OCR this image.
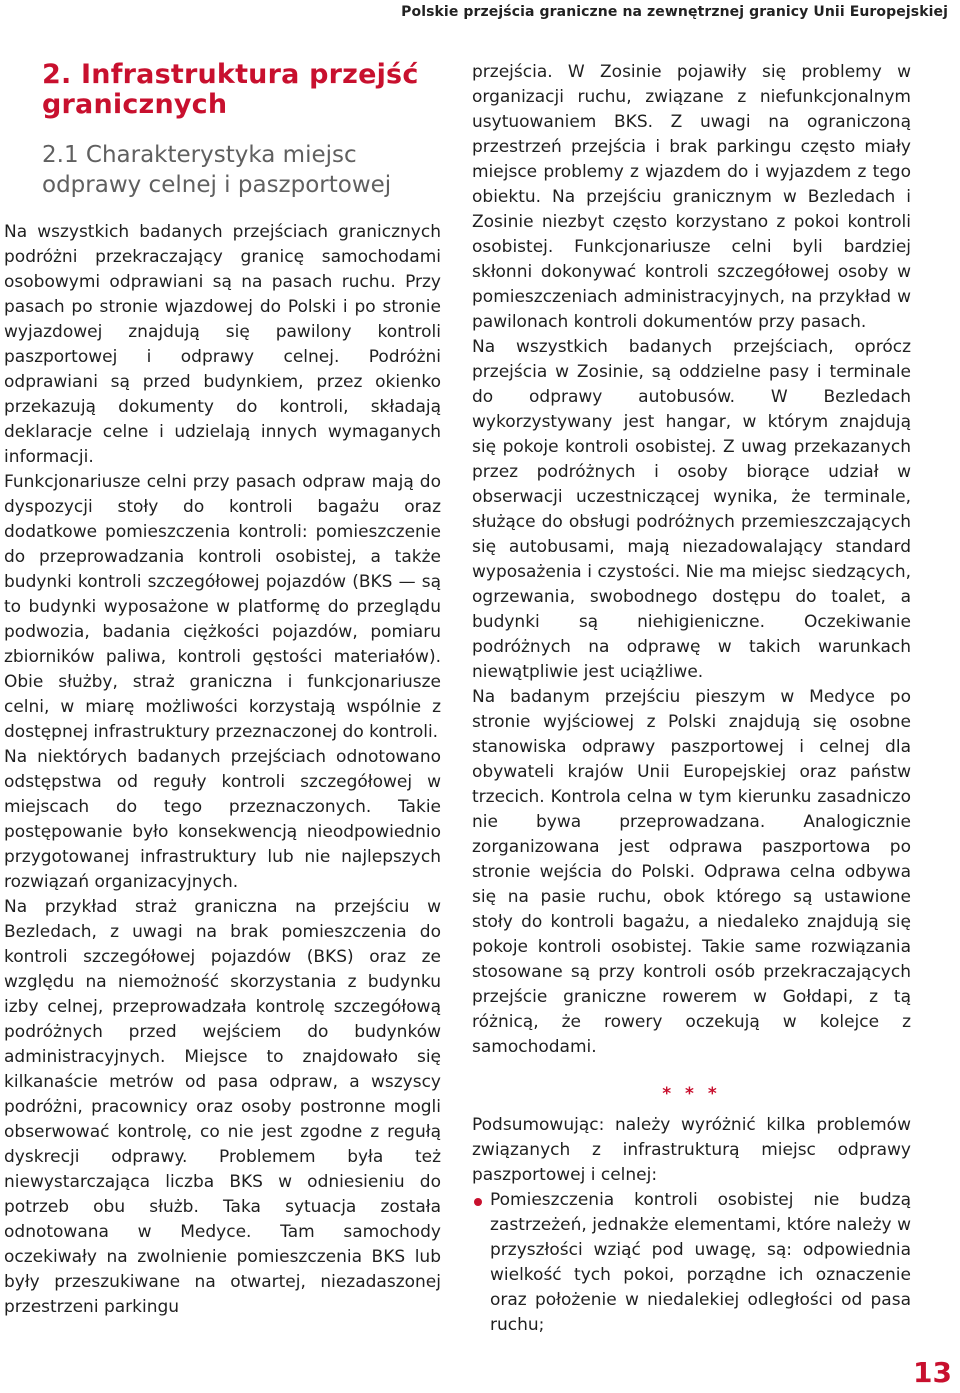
Polskie przejścia graniczne na zewnętrznej granicy Unii Europejskiej
2. Infrastruktura przejść granicznych
2.1 Charakterystyka miejsc odprawy celnej i paszportowej

Na wszystkich badanych przejściach granicznych podróżni przekraczający granicę samochodami osobowymi odprawiani są na pasach ruchu. Przy pasach po stronie wjazdowej do Polski i po stronie wyjazdowej znajdują się pawilony kontroli paszportowej i odprawy celnej. Podróżni odprawiani są przed budynkiem, przez okienko przekazują dokumenty do kontroli, składają deklaracje celne i udzielają innych wymaganych informacji.

Funkcjonariusze celni przy pasach odpraw mają do dyspozycji stoły do kontroli bagażu oraz dodatkowe pomieszczenia kontroli: pomieszczenie do przeprowadzania kontroli osobistej, a także budynki kontroli szczegółowej pojazdów (BKS — są to budynki wyposażone w platformę do przeglądu podwozia, badania ciężkości pojazdów, pomiaru zbiorników paliwa, kontroli gęstości materiałów). Obie służby, straż graniczna i funkcjonariusze celni, w miarę możliwości korzystają wspólnie z dostępnej infrastruktury przeznaczonej do kontroli.

Na niektórych badanych przejściach odnotowano odstępstwa od reguły kontroli szczegółowej w miejscach do tego przeznaczonych. Takie postępowanie było konsekwencją nieodpowiednio przygotowanej infrastruktury lub nie najlepszych rozwiązań organizacyjnych.

Na przykład straż graniczna na przejściu w Bezledach, z uwagi na brak pomieszczenia do kontroli szczegółowej pojazdów (BKS) oraz ze względu na niemożność skorzystania z budynku izby celnej, przeprowadzała kontrolę szczegółową podróżnych przed wejściem do budynków administracyjnych. Miejsce to znajdowało się kilkanaście metrów od pasa odpraw, a wszyscy podróżni, pracownicy oraz osoby postronne mogli obserwować kontrolę, co nie jest zgodne z regułą dyskrecji odprawy. Problemem była też niewystarczająca liczba BKS w odniesieniu do potrzeb obu służb. Taka sytuacja została odnotowana w Medyce. Tam samochody oczekiwały na zwolnienie pomieszczenia BKS lub były przeszukiwane na otwartej, niezadaszonej przestrzeni parkingu

przejścia. W Zosinie pojawiły się problemy w organizacji ruchu, związane z niefunkcjonalnym usytuowaniem BKS. Z uwagi na ograniczoną przestrzeń przejścia i brak parkingu często miały miejsce problemy z wjazdem do i wyjazdem z tego obiektu. Na przejściu granicznym w Bezledach i Zosinie niezbyt często korzystano z pokoi kontroli osobistej. Funkcjonariusze celni byli bardziej skłonni dokonywać kontroli szczegółowej osoby w pomieszczeniach administracyjnych, na przykład w pawilonach kontroli dokumentów przy pasach.

Na wszystkich badanych przejściach, oprócz przejścia w Zosinie, są oddzielne pasy i terminale do odprawy autobusów. W Bezledach wykorzystywany jest hangar, w którym znajdują się pokoje kontroli osobistej. Z uwag przekazanych przez podróżnych i osoby biorące udział w obserwacji uczestniczącej wynika, że terminale, służące do obsługi podróżnych przemieszczających się autobusami, mają niezadowalający standard wyposażenia i czystości. Nie ma miejsc siedzących, ogrzewania, swobodnego dostępu do toalet, a budynki są niehigieniczne. Oczekiwanie podróżnych na odprawę w takich warunkach niewątpliwie jest uciążliwe.

Na badanym przejściu pieszym w Medyce po stronie wyjściowej z Polski znajdują się osobne stanowiska odprawy paszportowej i celnej dla obywateli krajów Unii Europejskiej oraz państw trzecich. Kontrola celna w tym kierunku zasadniczo nie bywa przeprowadzana. Analogicznie zorganizowana jest odprawa paszportowa po stronie wejścia do Polski. Odprawa celna odbywa się na pasie ruchu, obok którego są ustawione stoły do kontroli bagażu, a niedaleko znajdują się pokoje kontroli osobistej. Takie same rozwiązania stosowane są przy kontroli osób przekraczających przejście graniczne rowerem w Gołdapi, z tą różnicą, że rowery oczekują w kolejce z samochodami.

* * *

Podsumowując: należy wyróżnić kilka problemów związanych z infrastrukturą miejsc odprawy paszportowej i celnej:

Pomieszczenia kontroli osobistej nie budzą zastrzeżeń, jednakże elementami, które należy w przyszłości wziąć pod uwagę, są: odpowiednia wielkość tych pokoi, porządne ich oznaczenie oraz położenie w niedalekiej odległości od pasa ruchu;
13
